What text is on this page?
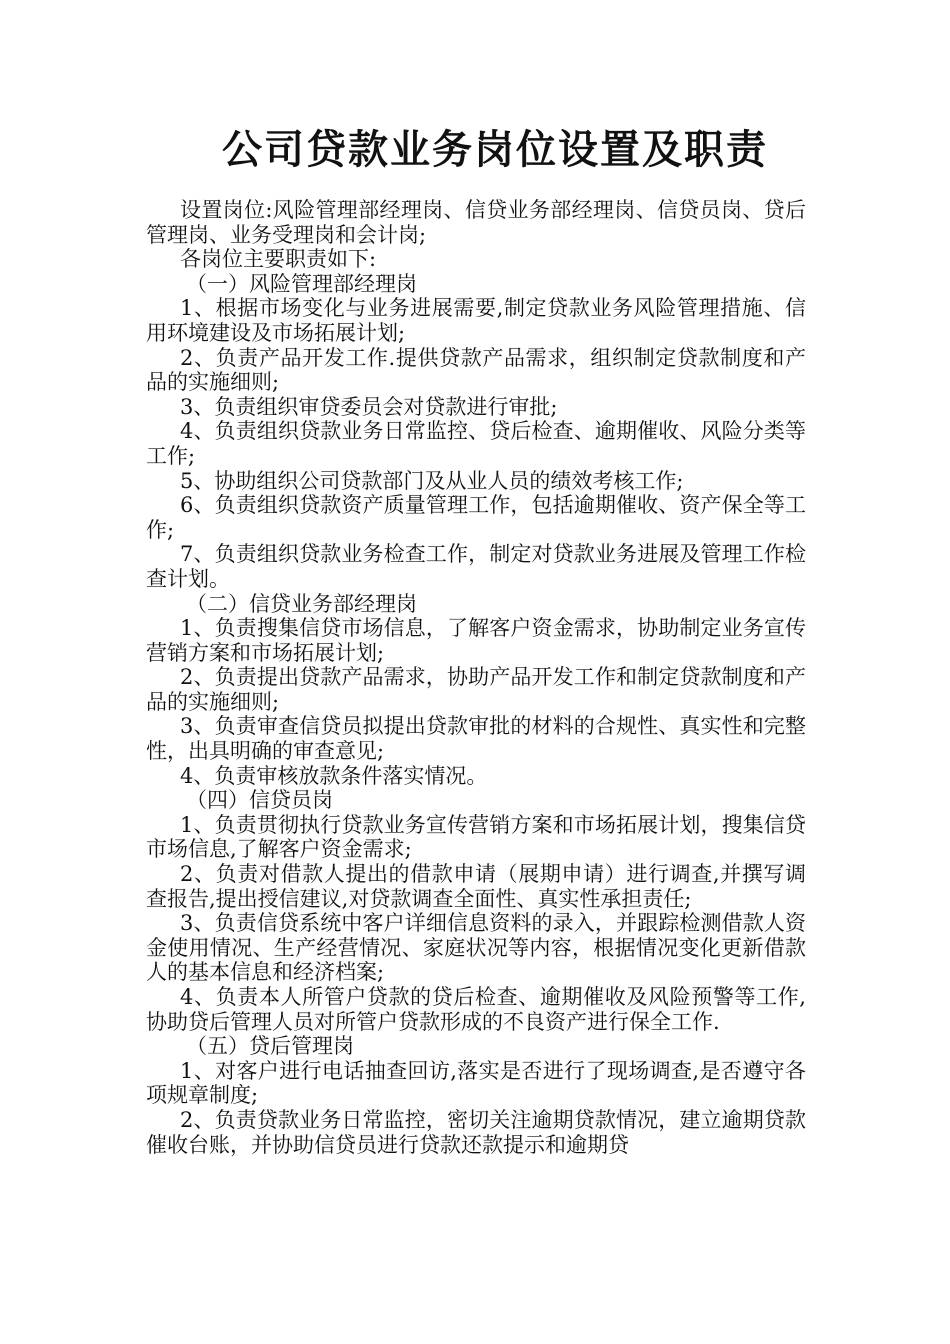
公司贷款业务岗位设置及职责

设置岗位:风险管理部经理岗、信贷业务部经理岗、信贷员岗、贷后管理岗、业务受理岗和会计岗;

各岗位主要职责如下:

（一）风险管理部经理岗

1、根据市场变化与业务进展需要,制定贷款业务风险管理措施、信用环境建设及市场拓展计划;

2、负责产品开发工作.提供贷款产品需求，组织制定贷款制度和产品的实施细则;

3、负责组织审贷委员会对贷款进行审批;

4、负责组织贷款业务日常监控、贷后检查、逾期催收、风险分类等工作;

5、协助组织公司贷款部门及从业人员的绩效考核工作;

6、负责组织贷款资产质量管理工作，包括逾期催收、资产保全等工作;

7、负责组织贷款业务检查工作，制定对贷款业务进展及管理工作检查计划。

（二）信贷业务部经理岗

1、负责搜集信贷市场信息，了解客户资金需求，协助制定业务宣传营销方案和市场拓展计划;

2、负责提出贷款产品需求，协助产品开发工作和制定贷款制度和产品的实施细则;

3、负责审查信贷员拟提出贷款审批的材料的合规性、真实性和完整性，出具明确的审查意见;

4、负责审核放款条件落实情况。

（四）信贷员岗

1、负责贯彻执行贷款业务宣传营销方案和市场拓展计划，搜集信贷市场信息,了解客户资金需求;

2、负责对借款人提出的借款申请（展期申请）进行调查,并撰写调查报告,提出授信建议,对贷款调查全面性、真实性承担责任;

3、负责信贷系统中客户详细信息资料的录入，并跟踪检测借款人资金使用情况、生产经营情况、家庭状况等内容，根据情况变化更新借款人的基本信息和经济档案;

4、负责本人所管户贷款的贷后检查、逾期催收及风险预警等工作,协助贷后管理人员对所管户贷款形成的不良资产进行保全工作.

（五）贷后管理岗

1、对客户进行电话抽查回访,落实是否进行了现场调查,是否遵守各项规章制度;

2、负责贷款业务日常监控，密切关注逾期贷款情况，建立逾期贷款催收台账，并协助信贷员进行贷款还款提示和逾期贷
